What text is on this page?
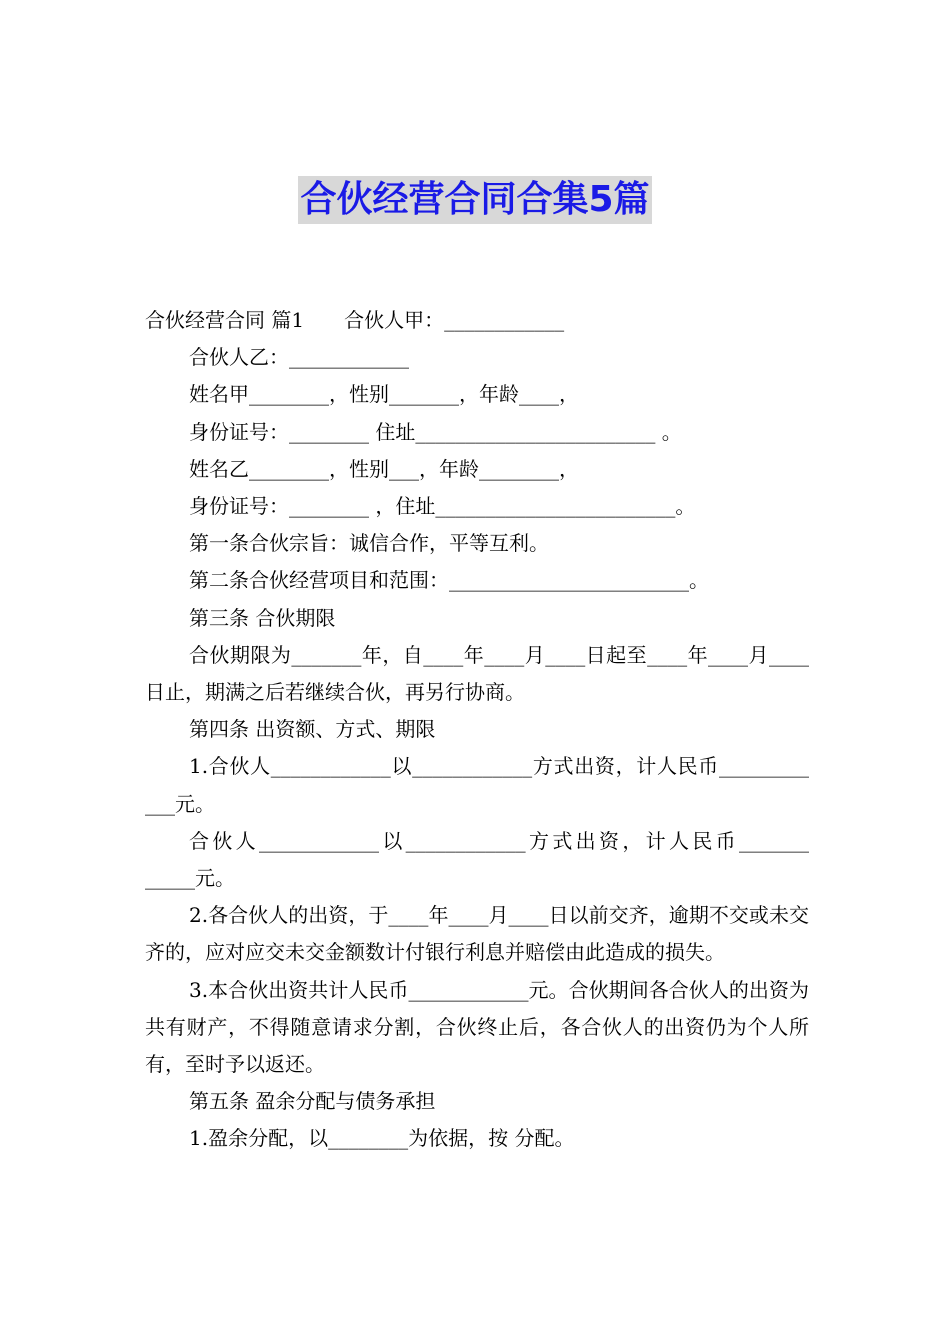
合伙经营合同合集5篇

合伙经营合同 篇1　　合伙人甲：____________

合伙人乙：____________

姓名甲________，性别_______，年龄____，

身份证号：________ 住址________________________ 。

姓名乙________，性别___，年龄________，

身份证号：________ ，住址________________________。

第一条合伙宗旨：诚信合作，平等互利。

第二条合伙经营项目和范围：________________________。

第三条 合伙期限

合伙期限为_______年，自____年____月____日起至____年____月____日止，期满之后若继续合伙，再另行协商。

第四条 出资额、方式、期限

1.合伙人____________以____________方式出资，计人民币_________ ___元。

合伙人____________以____________方式出资，计人民币_______ _____元。

2.各合伙人的出资，于____年____月____日以前交齐，逾期不交或未交齐的，应对应交未交金额数计付银行利息并赔偿由此造成的损失。

3.本合伙出资共计人民币____________元。合伙期间各合伙人的出资为共有财产，不得随意请求分割，合伙终止后，各合伙人的出资仍为个人所有，至时予以返还。

第五条 盈余分配与债务承担

1.盈余分配，以________为依据，按 分配。
